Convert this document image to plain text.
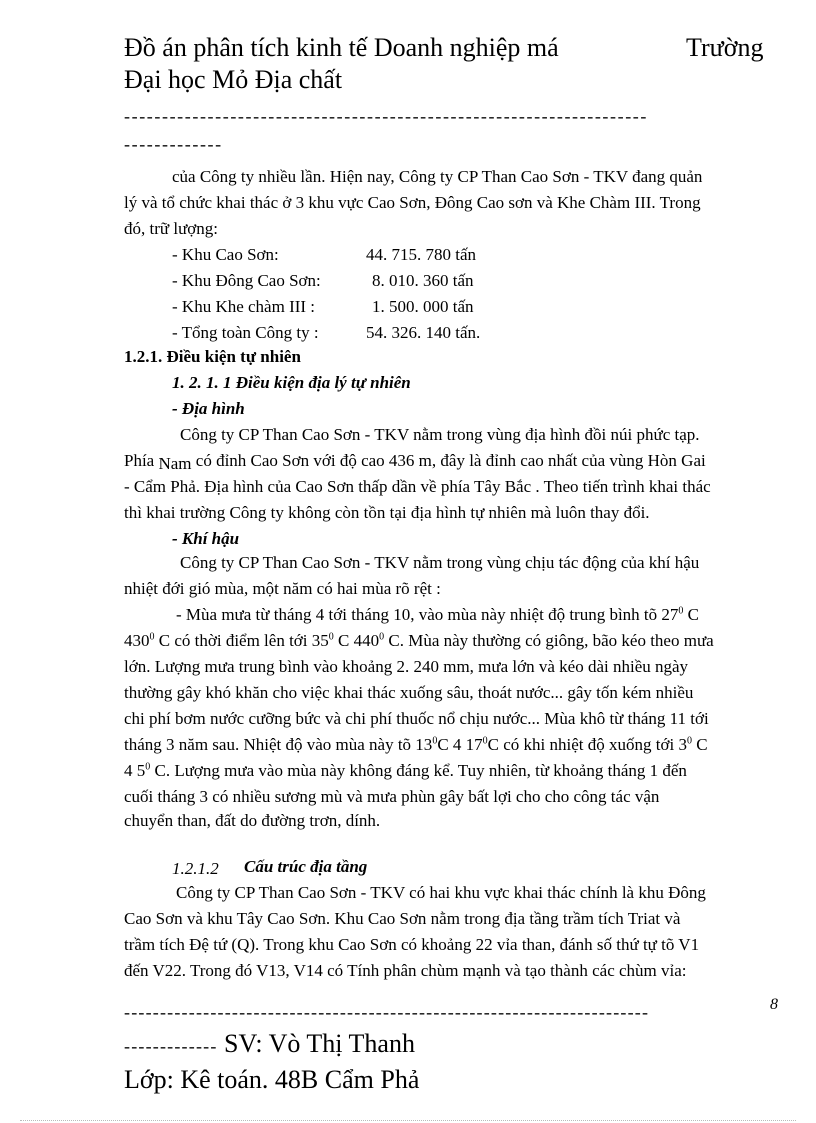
Đồ án phân tích kinh tế Doanh nghiệp má	Trường
Đại học Mỏ Địa chất
---------------------------------------------------------------------
-------------
của Công ty nhiều lần. Hiện nay, Công ty CP Than Cao Sơn - TKV đang quản
lý và tổ chức khai thác ở 3 khu vực Cao Sơn, Đông Cao sơn và Khe Chàm III. Trong
đó, trữ lượng:
- Khu Cao Sơn:	44. 715. 780 tấn
- Khu Đông Cao Sơn:	8. 010. 360 tấn
- Khu Khe chàm III :	1. 500. 000 tấn
- Tổng toàn Công ty :	54. 326. 140 tấn.
1.2.1. Điều kiện tự nhiên
1. 2. 1. 1 Điều kiện địa lý tự nhiên
- Địa hình
Công ty CP Than Cao Sơn - TKV nằm trong vùng địa hình đồi núi phức tạp.
Phía Nam có đỉnh Cao Sơn với độ cao 436 m, đây là đỉnh cao nhất của vùng Hòn Gai
- Cẩm Phả. Địa hình của Cao Sơn thấp dần về phía Tây Bắc . Theo tiến trình khai thác
thì khai trường Công ty không còn tồn tại địa hình tự nhiên mà luôn thay đổi.
- Khí hậu
Công ty CP Than Cao Sơn - TKV nằm trong vùng chịu tác động của khí hậu
nhiệt đới gió mùa, một năm có hai mùa rõ rệt :
- Mùa mưa từ tháng 4 tới tháng 10, vào mùa này nhiệt độ trung bình tõ $27^0$ C
$430^0$ C có thời điểm lên tới $35^0$ C $440^0$ C. Mùa này thường có giông, bão kéo theo mưa
lớn. Lượng mưa trung bình vào khoảng 2. 240 mm, mưa lớn và kéo dài nhiều ngày
thường gây khó khăn cho việc khai thác xuống sâu, thoát nước... gây tốn kém nhiều
chi phí bơm nước cưỡng bức và chi phí thuốc nổ chịu nước... Mùa khô từ tháng 11 tới
tháng 3 năm sau. Nhiệt độ vào mùa này tõ $13^0C$ 4 $17^0C$ có khi nhiệt độ xuống tới $3^0$ C
4 $5^0$ C. Lượng mưa vào mùa này không đáng kể. Tuy nhiên, từ khoảng tháng 1 đến
cuối tháng 3 có nhiều sương mù và mưa phùn gây bất lợi cho cho công tác vận
chuyển than, đất do đường trơn, dính.
1.2.1.2 Cấu trúc địa tầng
Công ty CP Than Cao Sơn - TKV có hai khu vực khai thác chính là khu Đông
Cao Sơn và khu Tây Cao Sơn. Khu Cao Sơn nằm trong địa tầng trầm tích Triat và
trầm tích Đệ tứ (Q). Trong khu Cao Sơn có khoảng 22 vỉa than, đánh số thứ tự tõ V1
đến V22. Trong đó V13, V14 có Tính phân chùm mạnh và tạo thành các chùm vỉa:
-------------------------------------------------------------------------	8
------------- SV: Vò Thị Thanh
Lớp: Kê toán. 48B Cẩm Phả
